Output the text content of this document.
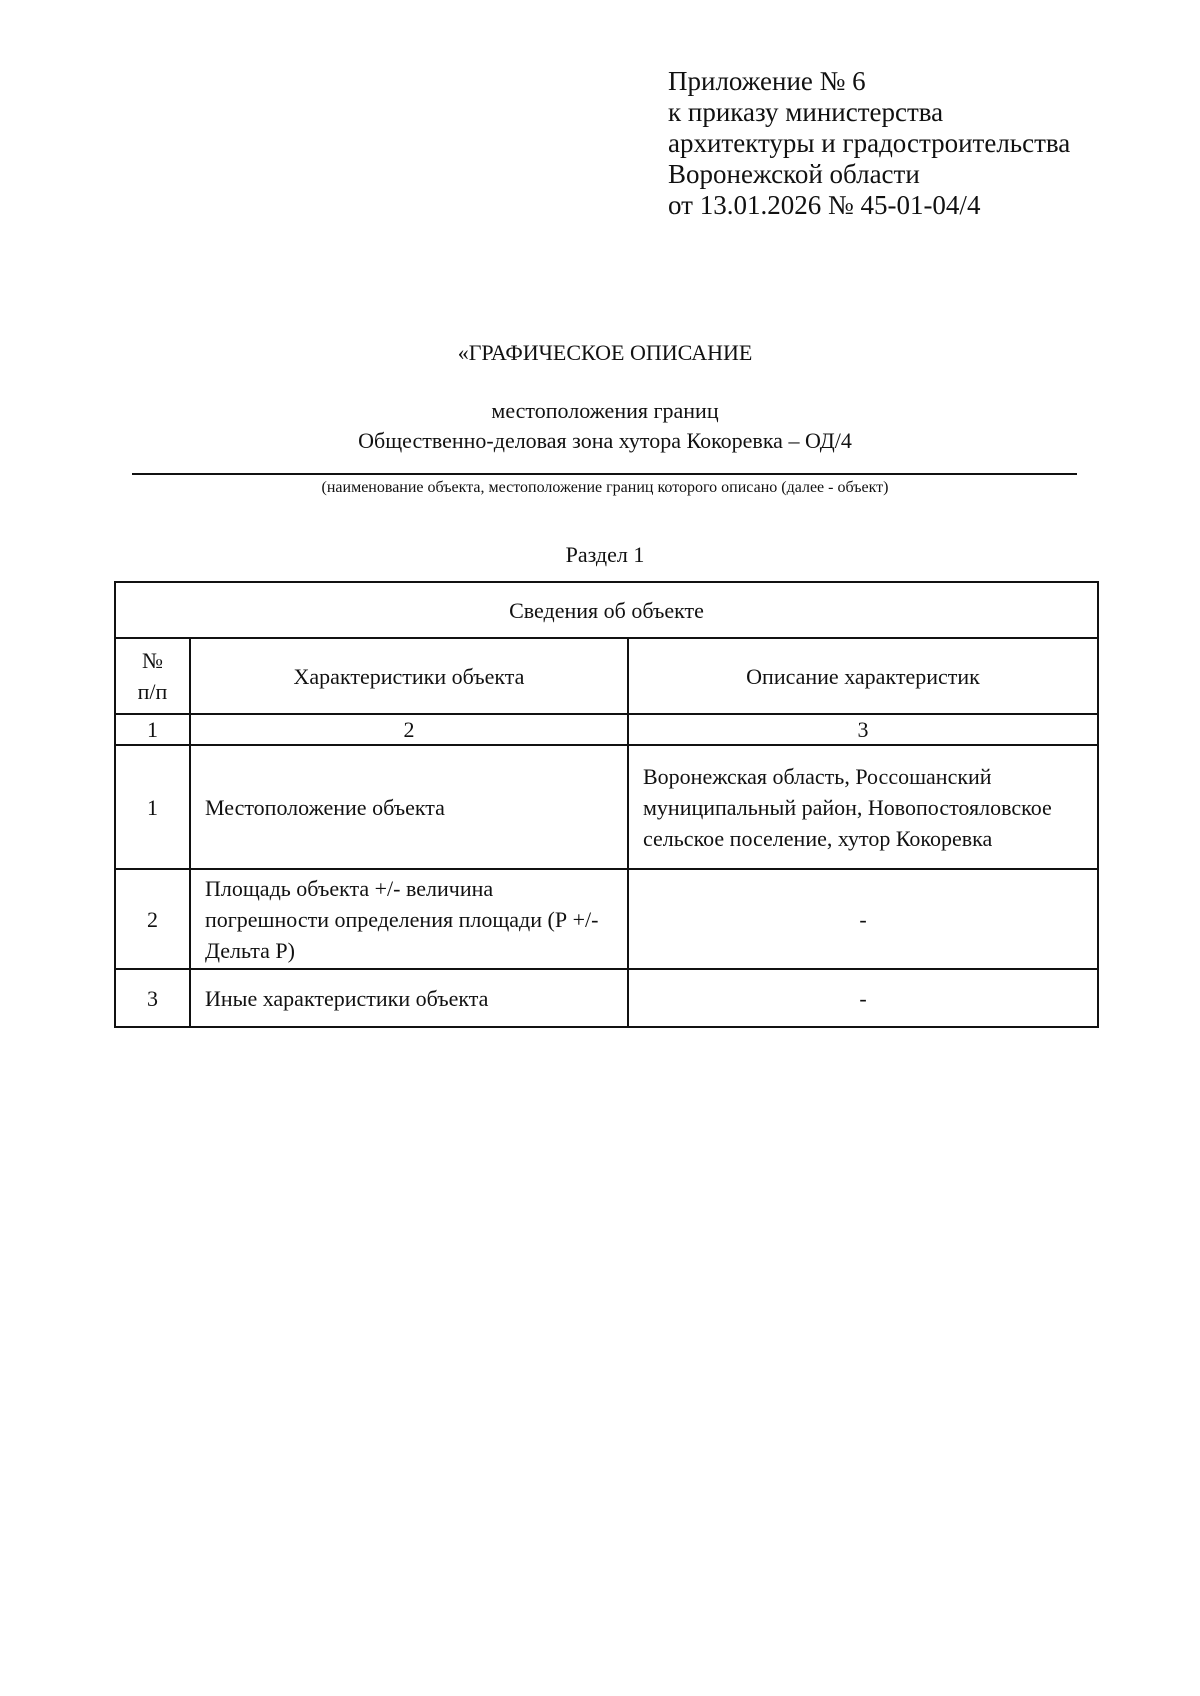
Приложение № 6
к приказу министерства
архитектуры и градостроительства
Воронежской области
от 13.01.2026 № 45-01-04/4
«ГРАФИЧЕСКОЕ ОПИСАНИЕ
местоположения границ
Общественно-деловая зона хутора Кокоревка – ОД/4
(наименование объекта, местоположение границ которого описано (далее - объект)
Раздел 1
Сведения об объекте		

№
п/п	Характеристики объекта	Описание характеристик
1	2	3
1	Местоположение объекта	Воронежская область, Россошанский муниципальный район, Новопостояловское сельское поселение, хутор Кокоревка
2	Площадь объекта +/- величина погрешности определения площади (Р +/- Дельта Р)	-
3	Иные характеристики объекта	-
